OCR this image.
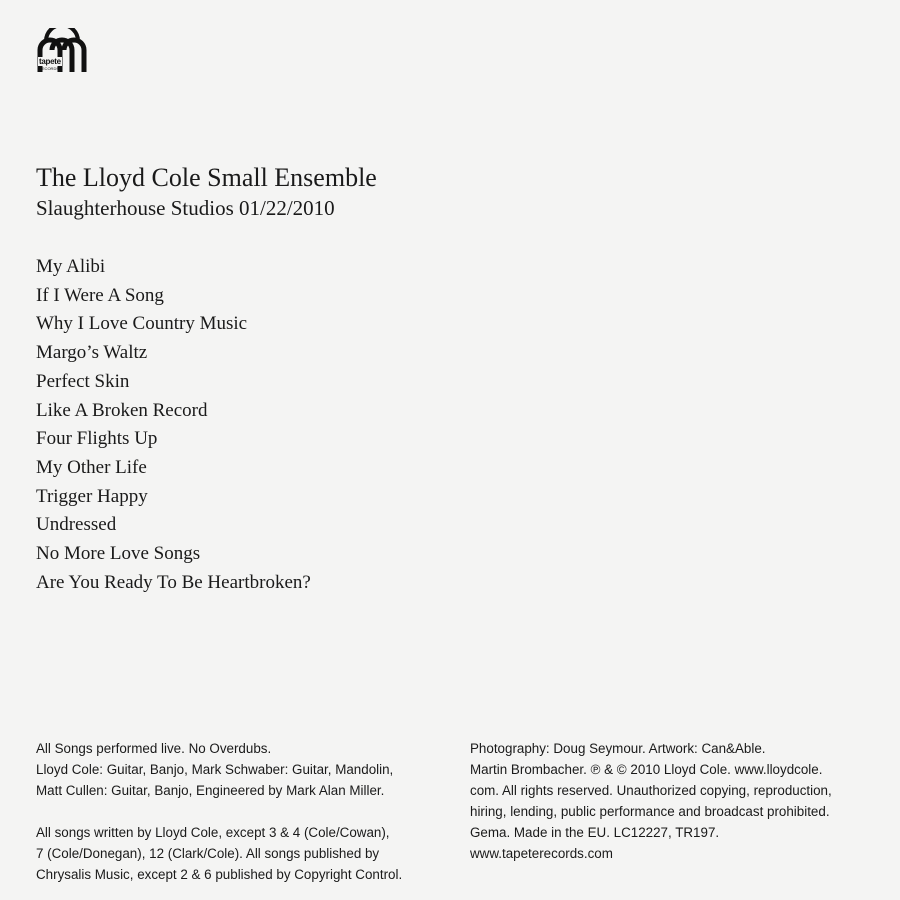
tapete
RECORDS
The Lloyd Cole Small Ensemble
Slaughterhouse Studios 01/22/2010
My Alibi
If I Were A Song
Why I Love Country Music
Margo’s Waltz
Perfect Skin
Like A Broken Record
Four Flights Up
My Other Life
Trigger Happy
Undressed
No More Love Songs
Are You Ready To Be Heartbroken?

All Songs performed live. No Overdubs.

Lloyd Cole: Guitar, Banjo, Mark Schwaber: Guitar, Mandolin,

Matt Cullen: Guitar, Banjo, Engineered by Mark Alan Miller.

All songs written by Lloyd Cole, except 3 & 4 (Cole/Cowan),

7 (Cole/Donegan), 12 (Clark/Cole). All songs published by

Chrysalis Music, except 2 & 6 published by Copyright Control.

Photography: Doug Seymour. Artwork: Can&Able.

Martin Brombacher. ℗ & © 2010 Lloyd Cole. www.lloydcole.

com. All rights reserved. Unauthorized copying, reproduction,

hiring, lending, public performance and broadcast prohibited.

Gema. Made in the EU. LC12227, TR197.

www.tapeterecords.com
